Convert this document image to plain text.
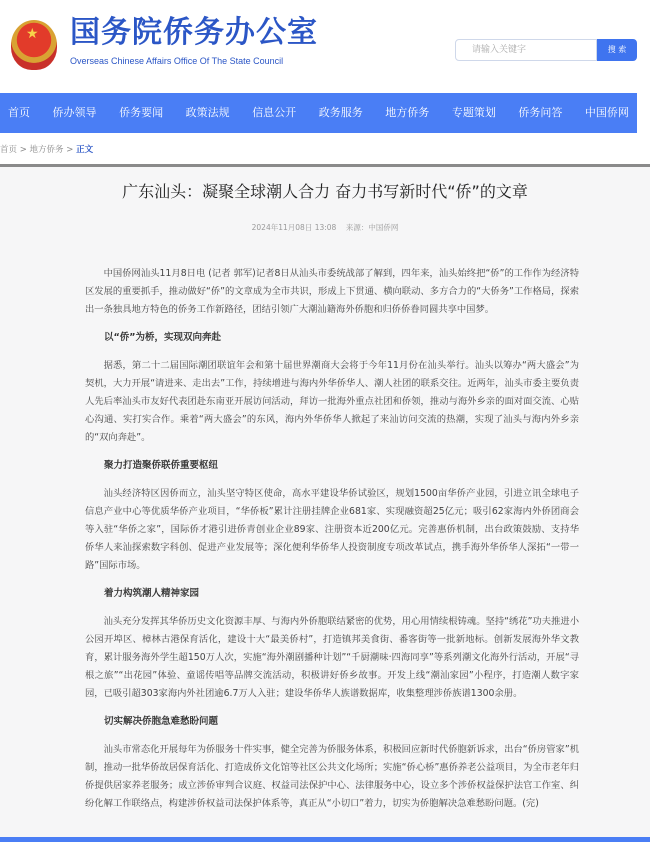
★
国务院侨务办公室
Overseas Chinese Affairs Office Of The State Council
请输入关键字	搜 索
首页 侨办领导 侨务要闻 政策法规 信息公开 政务服务 地方侨务 专题策划 侨务问答 中国侨网
首页 > 地方侨务 > 正文
广东汕头：凝聚全球潮人合力 奋力书写新时代“侨”的文章
2024年11月08日 13:08 来源：中国侨网

中国侨网汕头11月8日电 (记者 郭军)记者8日从汕头市委统战部了解到，四年来，汕头始终把“侨”的工作作为经济特区发展的重要抓手，推动做好“侨”的文章成为全市共识，形成上下贯通、横向联动、多方合力的“大侨务”工作格局，探索出一条独具地方特色的侨务工作新路径，团结引领广大潮汕籍海外侨胞和归侨侨眷同圆共享中国梦。

以“侨”为桥，实现双向奔赴

据悉，第二十二届国际潮团联谊年会和第十届世界潮商大会将于今年11月份在汕头举行。汕头以筹办“两大盛会”为契机，大力开展“请进来、走出去”工作，持续增进与海内外华侨华人、潮人社团的联系交往。近两年，汕头市委主要负责人先后率汕头市友好代表团赴东南亚开展访问活动，拜访一批海外重点社团和侨领，推动与海外乡亲的面对面交流、心贴心沟通、实打实合作。乘着“两大盛会”的东风，海内外华侨华人掀起了来汕访问交流的热潮，实现了汕头与海内外乡亲的“双向奔赴”。

聚力打造聚侨联侨重要枢纽

汕头经济特区因侨而立，汕头坚守特区使命，高水平建设华侨试验区，规划1500亩华侨产业园，引进立讯全球电子信息产业中心等优质华侨产业项目，“华侨板”累计注册挂牌企业681家、实现融资超25亿元；吸引62家海内外侨团商会等入驻“华侨之家”，国际侨才港引进侨青创业企业89家、注册资本近200亿元。完善惠侨机制，出台政策鼓励、支持华侨华人来汕探索数字科创、促进产业发展等；深化便利华侨华人投资制度专项改革试点，携手海外华侨华人深拓“一带一路”国际市场。

着力构筑潮人精神家园

汕头充分发挥其华侨历史文化资源丰厚、与海内外侨胞联结紧密的优势，用心用情续根铸魂。坚持“绣花”功夫推进小公园开埠区、樟林古港保育活化，建设十大“最美侨村”，打造镇邦美食街、番客街等一批新地标。创新发展海外华文教育，累计服务海外学生超150万人次，实施“海外潮剧播种计划”“千厨潮味·四海同享”等系列潮文化海外行活动，开展“寻根之旅”“出花园”体验、童谣传唱等品牌交流活动，积极讲好侨乡故事。开发上线“潮汕家园”小程序，打造潮人数字家园，已吸引超303家海内外社团逾6.7万人入驻；建设华侨华人族谱数据库，收集整理涉侨族谱1300余册。

切实解决侨胞急难愁盼问题

汕头市常态化开展每年为侨服务十件实事，健全完善为侨服务体系，积极回应新时代侨胞新诉求，出台“侨房管家”机制，推动一批华侨故居保育活化、打造成侨文化馆等社区公共文化场所；实施“侨心桥”惠侨养老公益项目，为全市老年归侨提供居家养老服务；成立涉侨审判合议庭、权益司法保护中心、法律服务中心，设立多个涉侨权益保护法官工作室、纠纷化解工作联络点，构建涉侨权益司法保护体系等，真正从“小切口”着力，切实为侨胞解决急难愁盼问题。(完)
